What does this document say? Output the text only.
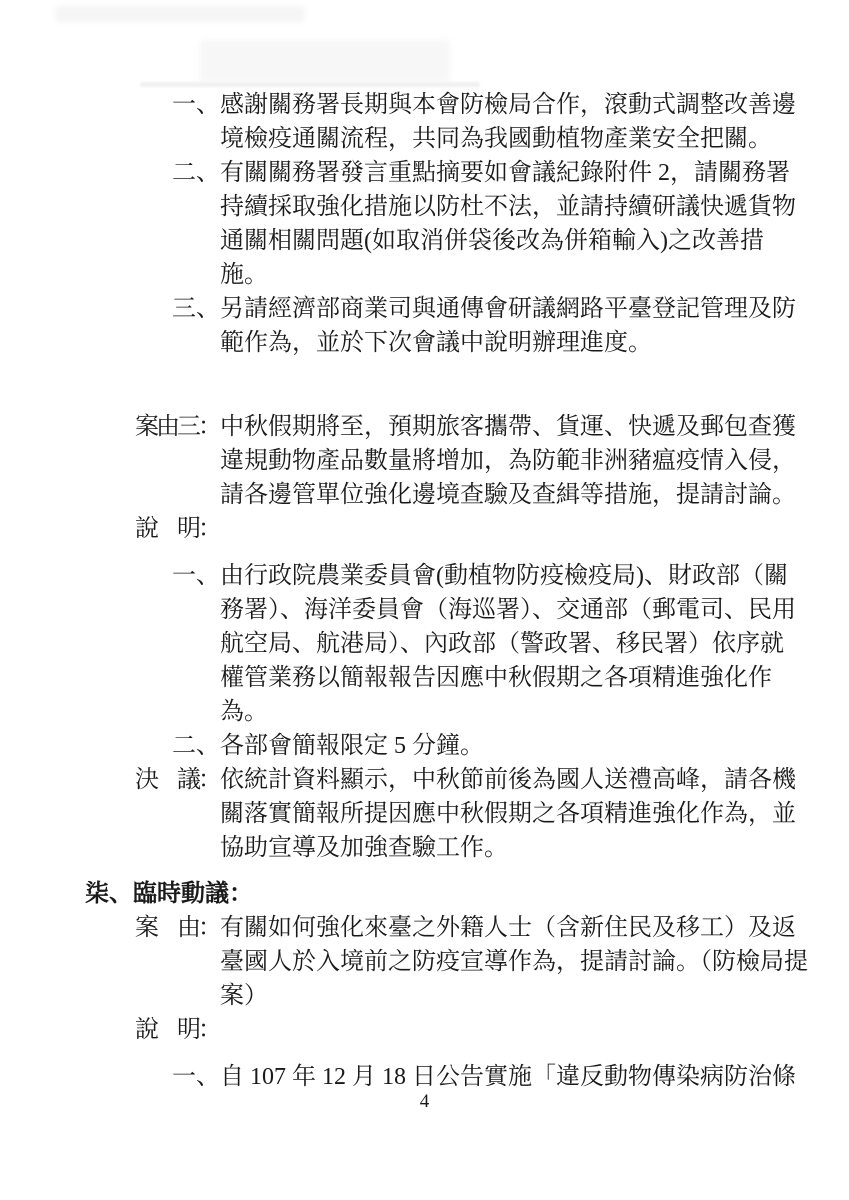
一、 感謝關務署長期與本會防檢局合作，滾動式調整改善邊
境檢疫通關流程，共同為我國動植物產業安全把關。
二、 有關關務署發言重點摘要如會議紀錄附件 2，請關務署
持續採取強化措施以防杜不法，並請持續研議快遞貨物
通關相關問題(如取消併袋後改為併箱輸入)之改善措
施。
三、 另請經濟部商業司與通傳會研議網路平臺登記管理及防
範作為，並於下次會議中說明辦理進度。
案由三： 中秋假期將至，預期旅客攜帶、貨運、快遞及郵包查獲
違規動物產品數量將增加，為防範非洲豬瘟疫情入侵，
請各邊管單位強化邊境查驗及查緝等措施，提請討論。
說　明：
一、 由行政院農業委員會(動植物防疫檢疫局)、財政部（關
務署）、海洋委員會（海巡署）、交通部（郵電司、民用
航空局、航港局）、內政部（警政署、移民署）依序就
權管業務以簡報報告因應中秋假期之各項精進強化作
為。
二、 各部會簡報限定 5 分鐘。
決　議： 依統計資料顯示，中秋節前後為國人送禮高峰，請各機
關落實簡報所提因應中秋假期之各項精進強化作為，並
協助宣導及加強查驗工作。
柒、臨時動議：
案　由： 有關如何強化來臺之外籍人士（含新住民及移工）及返
臺國人於入境前之防疫宣導作為，提請討論。（防檢局提
案）
說　明：
一、 自 107 年 12 月 18 日公告實施「違反動物傳染病防治條
4
